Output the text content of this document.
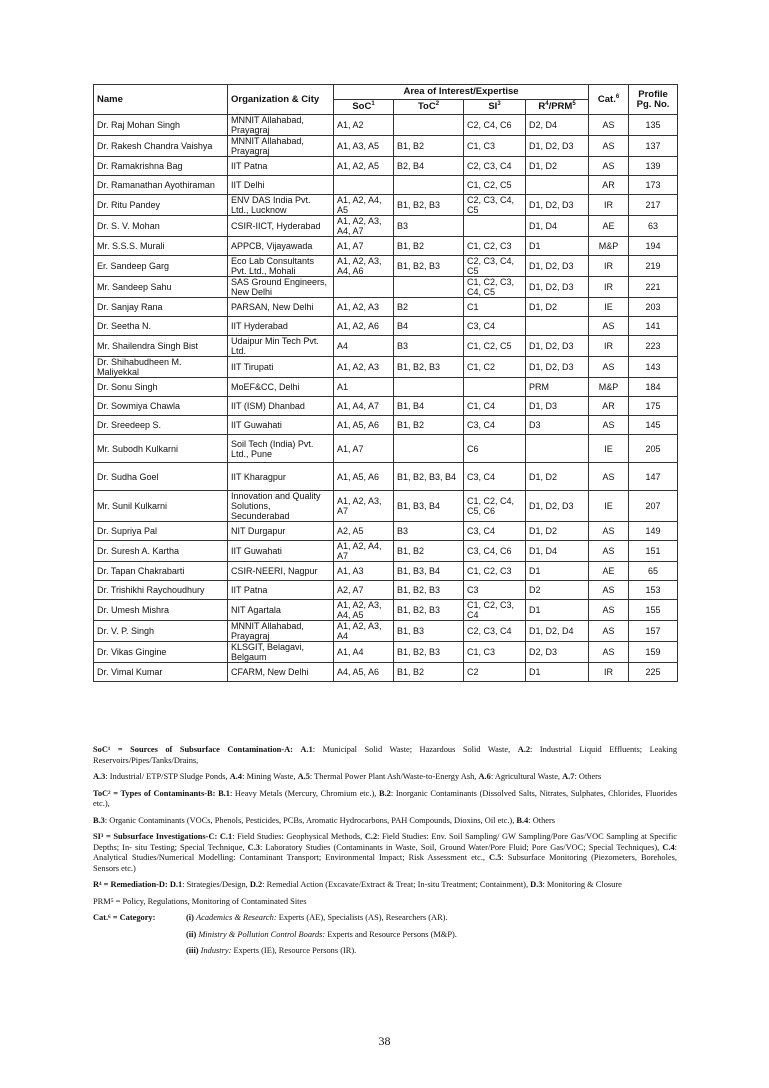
Name	Organization & City	Area of Interest/Expertise				Cat.$^6$	Profile Pg. No.
		SoC$^1$	ToC$^2$	$SI^3$	$R^4/PRM^5$
Dr. Raj Mohan Singh	MNNIT Allahabad, Prayagraj	A1, A2		C2, C4, C6	D2, D4	AS	135
Dr. Rakesh Chandra Vaishya	MNNIT Allahabad, Prayagraj	A1, A3, A5	B1, B2	C1, C3	D1, D2, D3	AS	137
Dr. Ramakrishna Bag	IIT Patna	A1, A2, A5	B2, B4	C2, C3, C4	D1, D2	AS	139
Dr. Ramanathan Ayothiraman	IIT Delhi			C1, C2, C5		AR	173
Dr. Ritu Pandey	ENV DAS India Pvt. Ltd., Lucknow	A1, A2, A4, A5	B1, B2, B3	C2, C3, C4, C5	D1, D2, D3	IR	217
Dr. S. V. Mohan	CSIR-IICT, Hyderabad	A1, A2, A3, A4, A7	B3		D1, D4	AE	63
Mr. S.S.S. Murali	APPCB, Vijayawada	A1, A7	B1, B2	C1, C2, C3	D1	M&P	194
Er. Sandeep Garg	Eco Lab Consultants Pvt. Ltd., Mohali	A1, A2, A3, A4, A6	B1, B2, B3	C2, C3, C4, C5	D1, D2, D3	IR	219
Mr. Sandeep Sahu	SAS Ground Engineers, New Delhi			C1, C2, C3, C4, C5	D1, D2, D3	IR	221
Dr. Sanjay Rana	PARSAN, New Delhi	A1, A2, A3	B2	C1	D1, D2	IE	203
Dr. Seetha N.	IIT Hyderabad	A1, A2, A6	B4	C3, C4		AS	141
Mr. Shailendra Singh Bist	Udaipur Min Tech Pvt. Ltd.	A4	B3	C1, C2, C5	D1, D2, D3	IR	223
Dr. Shihabudheen M. Maliyekkal	IIT Tirupati	A1, A2, A3	B1, B2, B3	C1, C2	D1, D2, D3	AS	143
Dr. Sonu Singh	MoEF&CC, Delhi	A1			PRM	M&P	184
Dr. Sowmiya Chawla	IIT (ISM) Dhanbad	A1, A4, A7	B1, B4	C1, C4	D1, D3	AR	175
Dr. Sreedeep S.	IIT Guwahati	A1, A5, A6	B1, B2	C3, C4	D3	AS	145
Mr. Subodh Kulkarni	Soil Tech (India) Pvt. Ltd., Pune	A1, A7		C6		IE	205
Dr. Sudha Goel	IIT Kharagpur	A1, A5, A6	B1, B2, B3, B4	C3, C4	D1, D2	AS	147
Mr. Sunil Kulkarni	Innovation and Quality Solutions, Secunderabad	A1, A2, A3, A7	B1, B3, B4	C1, C2, C4, C5, C6	D1, D2, D3	IE	207
Dr. Supriya Pal	NIT Durgapur	A2, A5	B3	C3, C4	D1, D2	AS	149
Dr. Suresh A. Kartha	IIT Guwahati	A1, A2, A4, A7	B1, B2	C3, C4, C6	D1, D4	AS	151
Dr. Tapan Chakrabarti	CSIR-NEERI, Nagpur	A1, A3	B1, B3, B4	C1, C2, C3	D1	AE	65
Dr. Trishikhi Raychoudhury	IIT Patna	A2, A7	B1, B2, B3	C3	D2	AS	153
Dr. Umesh Mishra	NIT Agartala	A1, A2, A3, A4, A5	B1, B2, B3	C1, C2, C3, C4	D1	AS	155
Dr. V. P. Singh	MNNIT Allahabad, Prayagraj	A1, A2, A3, A4	B1, B3	C2, C3, C4	D1, D2, D4	AS	157
Dr. Vikas Gingine	KLSGIT, Belagavi, Belgaum	A1, A4	B1, B2, B3	C1, C3	D2, D3	AS	159
Dr. Vimal Kumar	CFARM, New Delhi	A4, A5, A6	B1, B2	C2	D1	IR	225

SoC¹ = Sources of Subsurface Contamination-A: A.1: Municipal Solid Waste; Hazardous Solid Waste, A.2: Industrial Liquid Effluents; Leaking Reservoirs/Pipes/Tanks/Drains,

A.3: Industrial/ ETP/STP Sludge Ponds, A.4: Mining Waste, A.5: Thermal Power Plant Ash/Waste-to-Energy Ash, A.6: Agricultural Waste, A.7: Others

ToC² = Types of Contaminants-B: B.1: Heavy Metals (Mercury, Chromium etc.), B.2: Inorganic Contaminants (Dissolved Salts, Nitrates, Sulphates, Chlorides, Fluorides etc.),

B.3: Organic Contaminants (VOCs, Phenols, Pesticides, PCBs, Aromatic Hydrocarbons, PAH Compounds, Dioxins, Oil etc.), B.4: Others

SI³ = Subsurface Investigations-C: C.1: Field Studies: Geophysical Methods, C.2: Field Studies: Env. Soil Sampling/ GW Sampling/Pore Gas/VOC Sampling at Specific Depths; In- situ Testing; Special Technique, C.3: Laboratory Studies (Contaminants in Waste, Soil, Ground Water/Pore Fluid; Pore Gas/VOC; Special Techniques), C.4: Analytical Studies/Numerical Modelling: Contaminant Transport; Environmental Impact; Risk Assessment etc., C.5: Subsurface Monitoring (Piezometers, Boreholes, Sensors etc.)

R⁴ = Remediation-D: D.1: Strategies/Design, D.2: Remedial Action (Excavate/Extract & Treat; In-situ Treatment; Containment), D.3: Monitoring & Closure

PRM⁵ = Policy, Regulations, Monitoring of Contaminated Sites

Cat.⁶ = Category:	(i) Academics & Research: Experts (AE), Specialists (AS), Researchers (AR).
(ii) Ministry & Pollution Control Boards: Experts and Resource Persons (M&P).
(iii) Industry: Experts (IE), Resource Persons (IR).
38
